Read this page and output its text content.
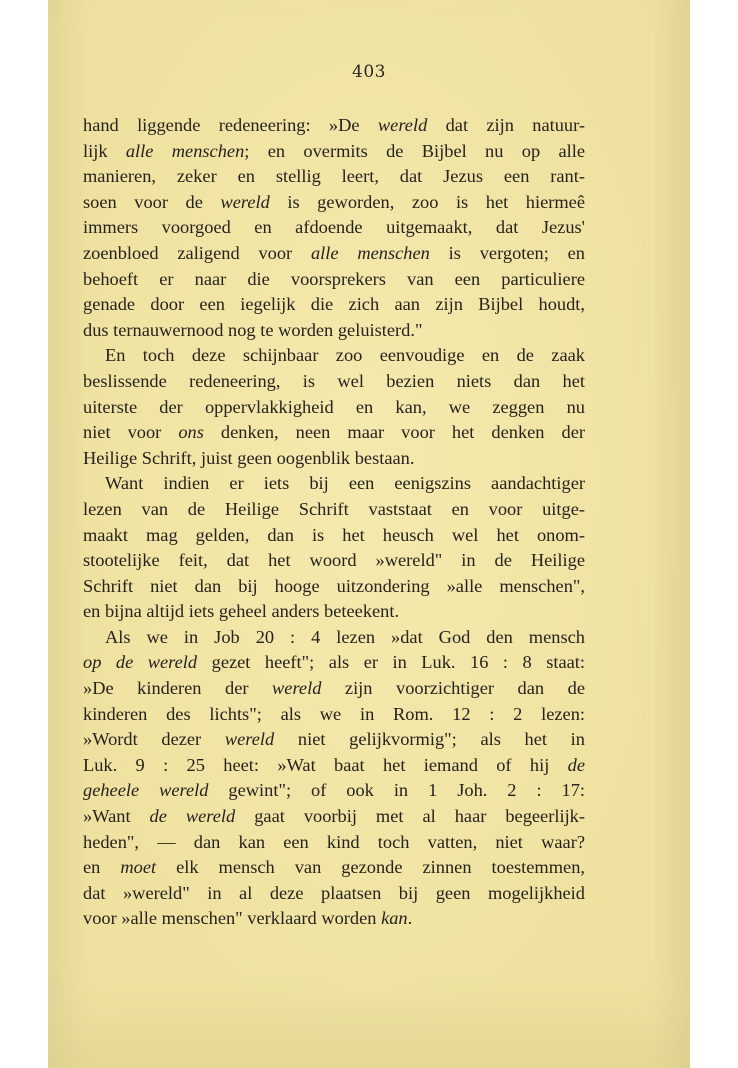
403
hand liggende redeneering: »De wereld dat zijn natuur-
lijk alle menschen; en overmits de Bijbel nu op alle
manieren, zeker en stellig leert, dat Jezus een rant-
soen voor de wereld is geworden, zoo is het hiermeê
immers voorgoed en afdoende uitgemaakt, dat Jezus'
zoenbloed zaligend voor alle menschen is vergoten; en
behoeft er naar die voorsprekers van een particuliere
genade door een iegelijk die zich aan zijn Bijbel houdt,
dus ternauwernood nog te worden geluisterd."
En toch deze schijnbaar zoo eenvoudige en de zaak
beslissende redeneering, is wel bezien niets dan het
uiterste der oppervlakkigheid en kan, we zeggen nu
niet voor ons denken, neen maar voor het denken der
Heilige Schrift, juist geen oogenblik bestaan.
Want indien er iets bij een eenigszins aandachtiger
lezen van de Heilige Schrift vaststaat en voor uitge-
maakt mag gelden, dan is het heusch wel het onom-
stootelijke feit, dat het woord »wereld" in de Heilige
Schrift niet dan bij hooge uitzondering »alle menschen",
en bijna altijd iets geheel anders beteekent.
Als we in Job 20 : 4 lezen »dat God den mensch
op de wereld gezet heeft"; als er in Luk. 16 : 8 staat:
»De kinderen der wereld zijn voorzichtiger dan de
kinderen des lichts"; als we in Rom. 12 : 2 lezen:
»Wordt dezer wereld niet gelijkvormig"; als het in
Luk. 9 : 25 heet: »Wat baat het iemand of hij de
geheele wereld gewint"; of ook in 1 Joh. 2 : 17:
»Want de wereld gaat voorbij met al haar begeerlijk-
heden", — dan kan een kind toch vatten, niet waar?
en moet elk mensch van gezonde zinnen toestemmen,
dat »wereld" in al deze plaatsen bij geen mogelijkheid
voor »alle menschen" verklaard worden kan.
